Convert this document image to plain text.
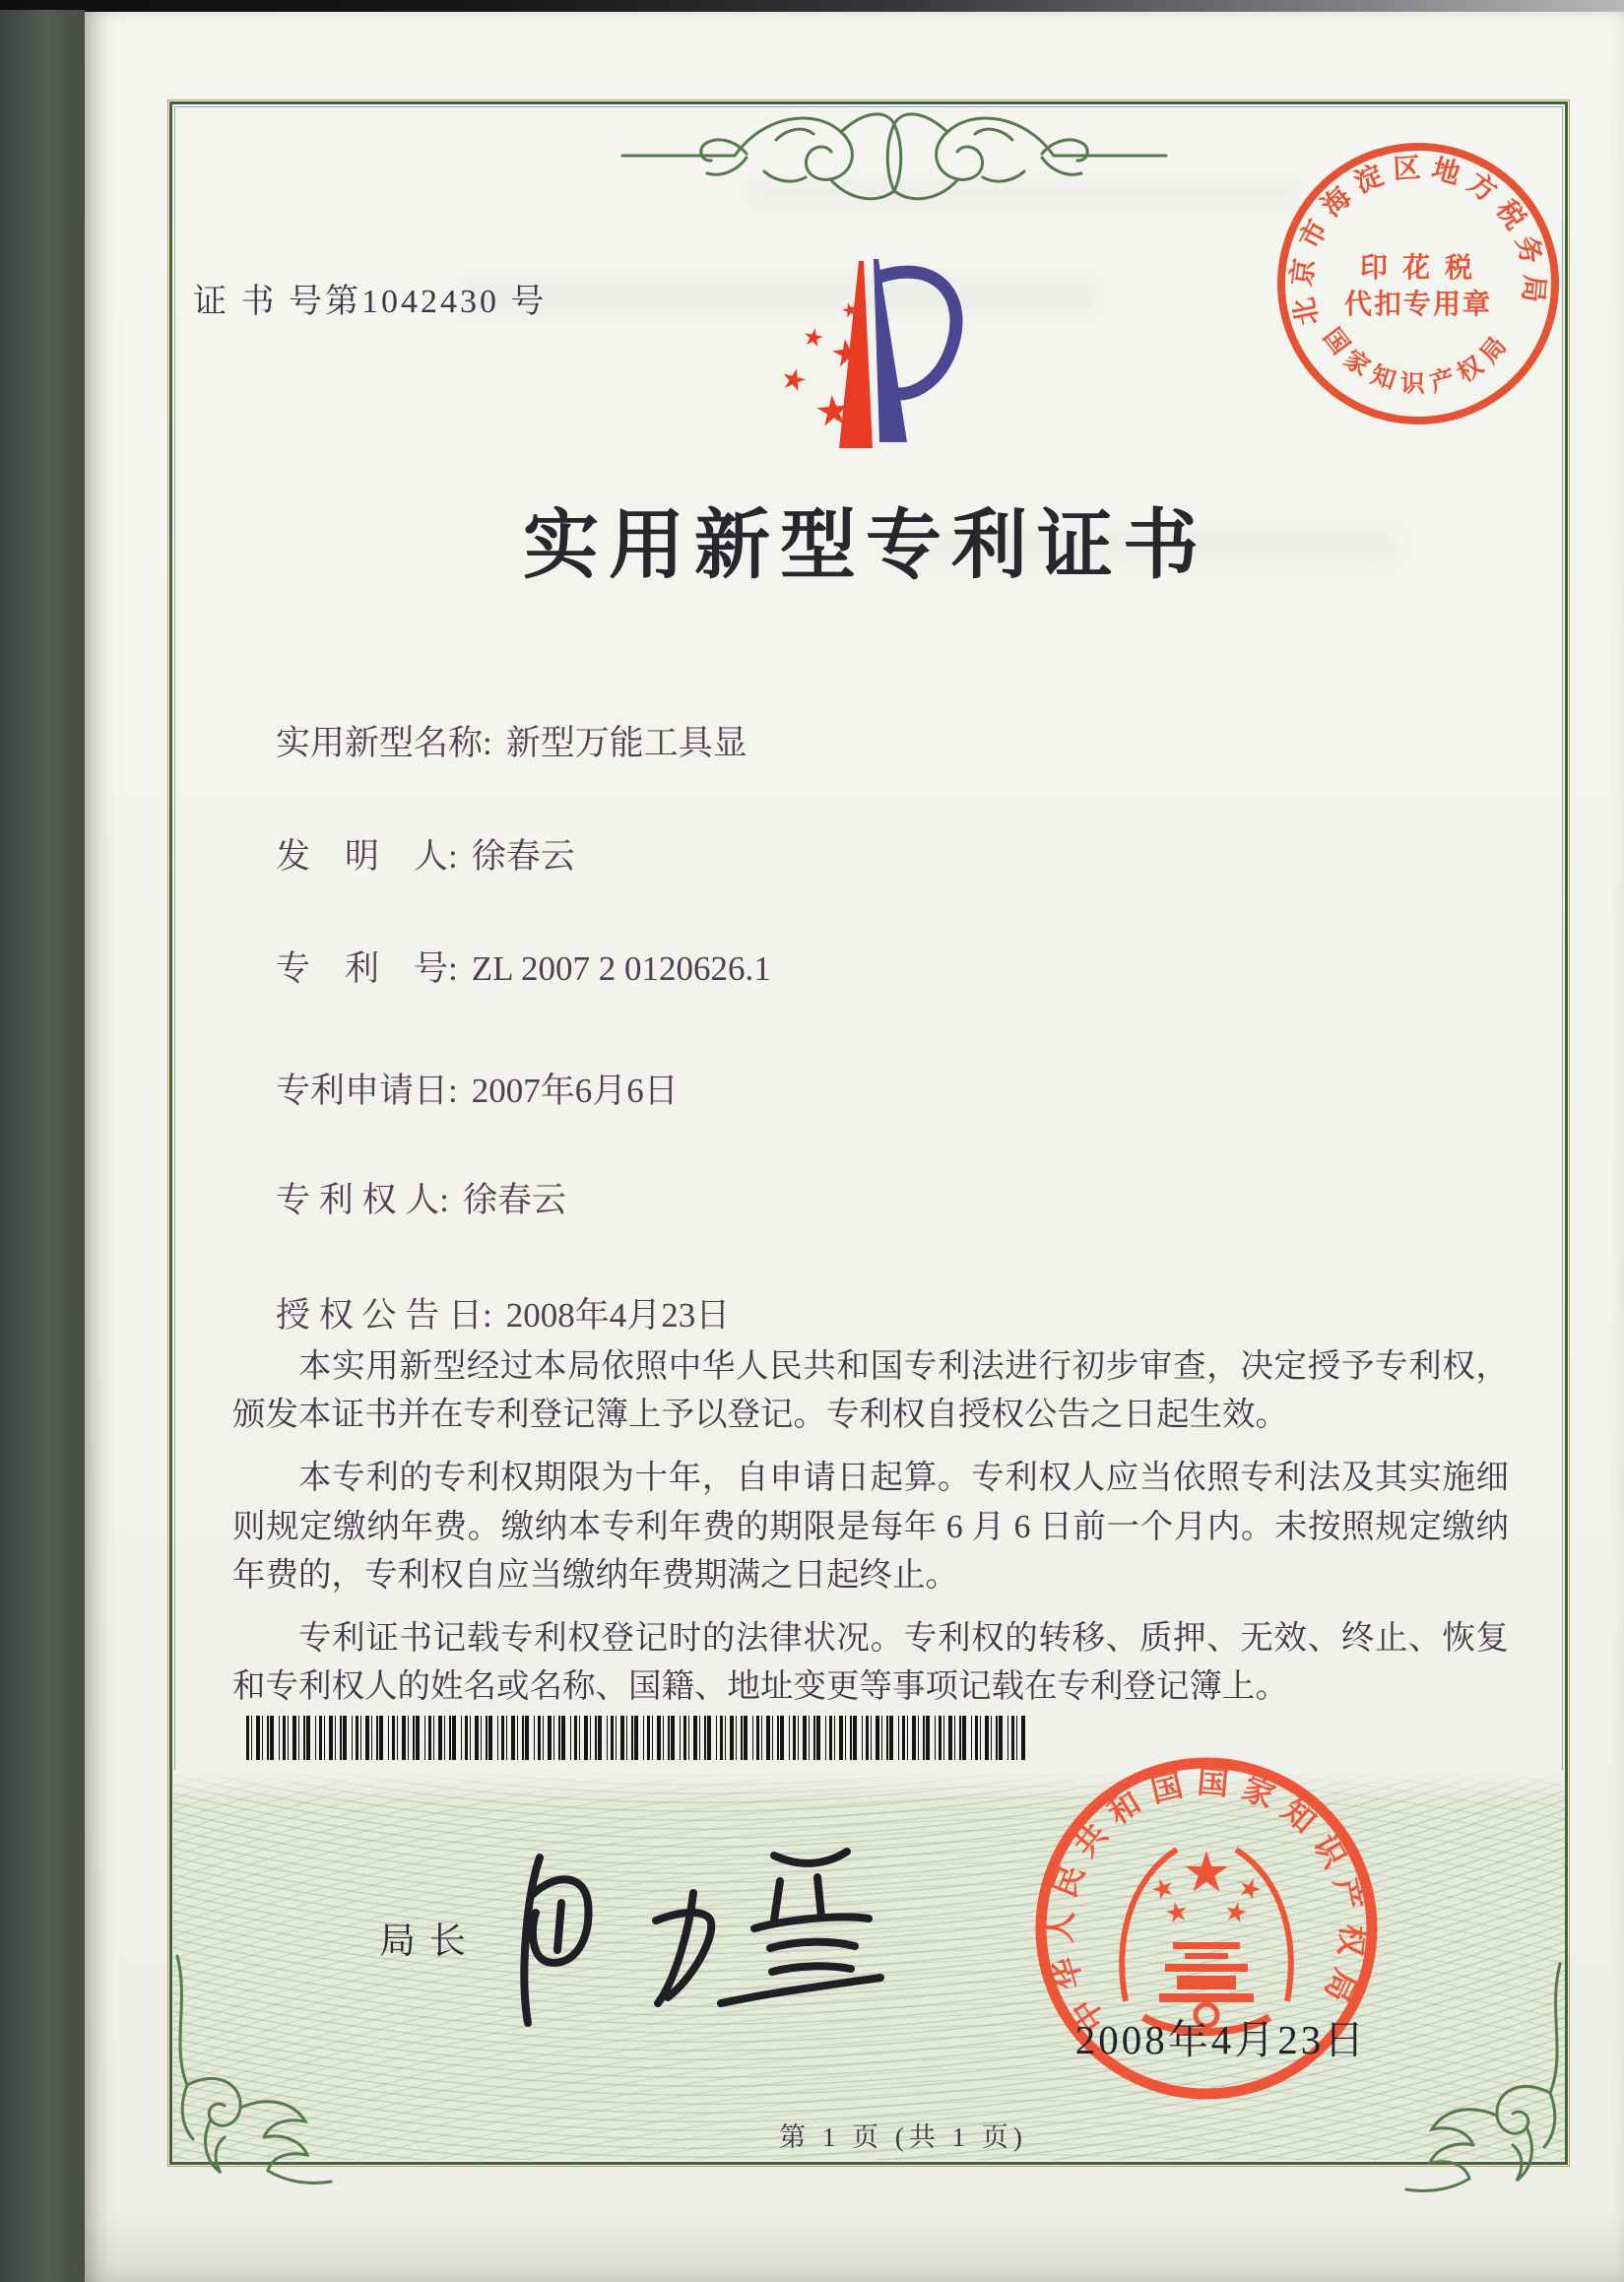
证 书 号第1042430 号	北京市海淀区地方税务局
国家知识产权局
印 花 税
代扣专用章
实用新型专利证书
实用新型名称: 新型万能工具显
发　明　人: 徐春云
专　利　号: ZL 2007 2 0120626.1
专利申请日: 2007年6月6日
专 利 权 人: 徐春云
授 权 公 告 日: 2008年4月23日

本实用新型经过本局依照中华人民共和国专利法进行初步审查，决定授予专利权，颁发本证书并在专利登记簿上予以登记。专利权自授权公告之日起生效。

本专利的专利权期限为十年，自申请日起算。专利权人应当依照专利法及其实施细则规定缴纳年费。缴纳本专利年费的期限是每年 6 月 6 日前一个月内。未按照规定缴纳年费的，专利权自应当缴纳年费期满之日起终止。

专利证书记载专利权登记时的法律状况。专利权的转移、质押、无效、终止、恢复和专利权人的姓名或名称、国籍、地址变更等事项记载在专利登记簿上。

局长
中华人民共和国国家知识产权局
2008年4月23日
第 1 页 (共 1 页)
